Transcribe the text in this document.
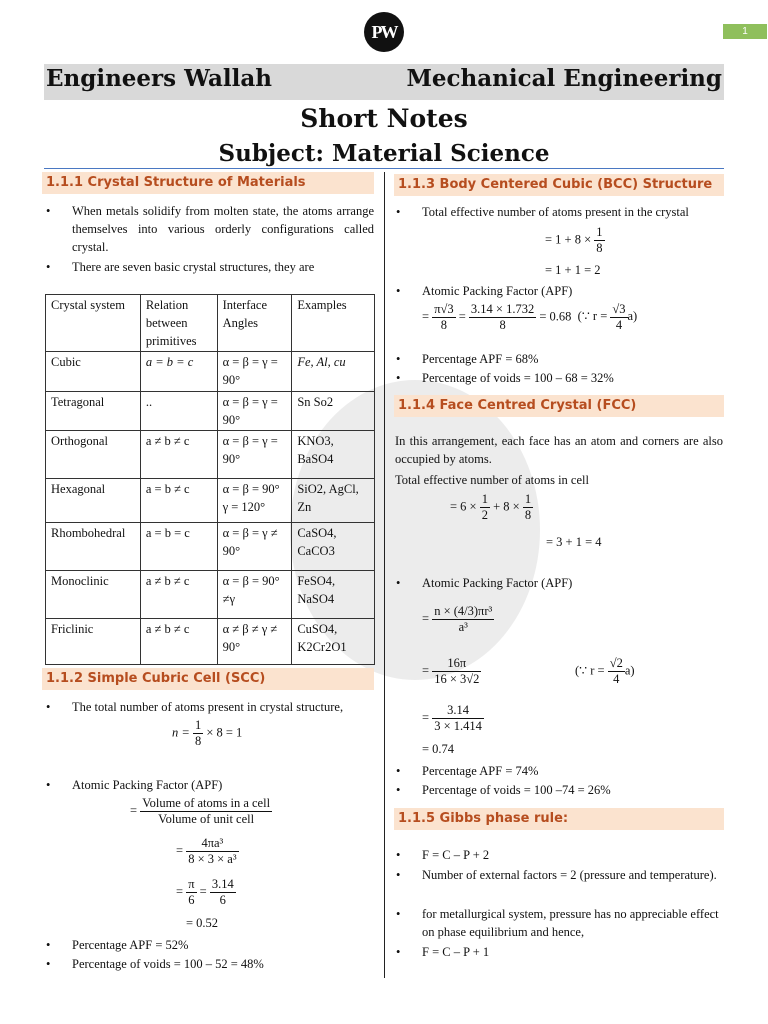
PW	1
Engineers Wallah	Mechanical Engineering
Short Notes
Subject: Material Science
1.1.1 Crystal Structure of Materials
• When metals solidify from molten state, the atoms arrange themselves into various orderly configurations called crystal.
• There are seven basic crystal structures, they are
Crystal system	Relation between primitives	Interface Angles	Examples
Cubic	a = b = c	α = β = γ = 90°	Fe, Al, cu
Tetragonal	..	α = β = γ = 90°	Sn So2
Orthogonal	a ≠ b ≠ c	α = β = γ = 90°	KNO3, BaSO4
Hexagonal	a = b ≠ c	α = β = 90° γ = 120°	SiO2, AgCl, Zn
Rhombohedral	a = b = c	α = β = γ ≠ 90°	CaSO4, CaCO3
Monoclinic	a ≠ b ≠ c	α = β = 90° ≠γ	FeSO4, NaSO4
Friclinic	a ≠ b ≠ c	α ≠ β ≠ γ ≠ 90°	CuSO4, K2Cr2O1
1.1.2 Simple Cubric Cell (SCC)
• The total number of atoms present in crystal structure,
$n = \frac{1}{8} \times 8 = 1$
• Atomic Packing Factor (APF)
= $\frac{\text{Volume of atoms in a cell}}{\text{Volume of unit cell}}$
= $\frac{\text{4πa³}}{\text{8 × 3 × a³}}$
= $\frac{\pi}{6} = \frac{3.14}{6}$
= 0.52
• Percentage APF = 52%
• Percentage of voids = 100 – 52 = 48%
1.1.3 Body Centered Cubic (BCC) Structure
• Total effective number of atoms present in the crystal
= $1 + 8 \times \frac{1}{8}$
= 1 + 1 = 2
• Atomic Packing Factor (APF)
= $\frac{\pi√3}{8} = \frac{3.14 \times 1.732}{8} = 0.68$  (∵ $r = \frac{√3}{4} a$)
• Percentage APF = 68%
• Percentage of voids = 100 – 68 = 32%
1.1.4 Face Centred Crystal (FCC)
In this arrangement, each face has an atom and corners are also occupied by atoms.
Total effective number of atoms in cell
= $6 \times \frac{1}{2} + 8 \times \frac{1}{8}$
= 3 + 1 = 4
• Atomic Packing Factor (APF)
= $\frac{\text{n × (4/3)πr³}}{\text{a³}}$
= $\frac{16\pi}{16 \times 3√2}$	(∵ $r = \frac{√2}{4} a$)
= $\frac{3.14}{3 \times 1.414}$
= 0.74
• Percentage APF = 74%
• Percentage of voids = 100 –74 = 26%
1.1.5 Gibbs phase rule:
• F = C – P + 2
• Number of external factors = 2 (pressure and temperature).
• for metallurgical system, pressure has no appreciable effect on phase equilibrium and hence,
• F = C – P + 1
